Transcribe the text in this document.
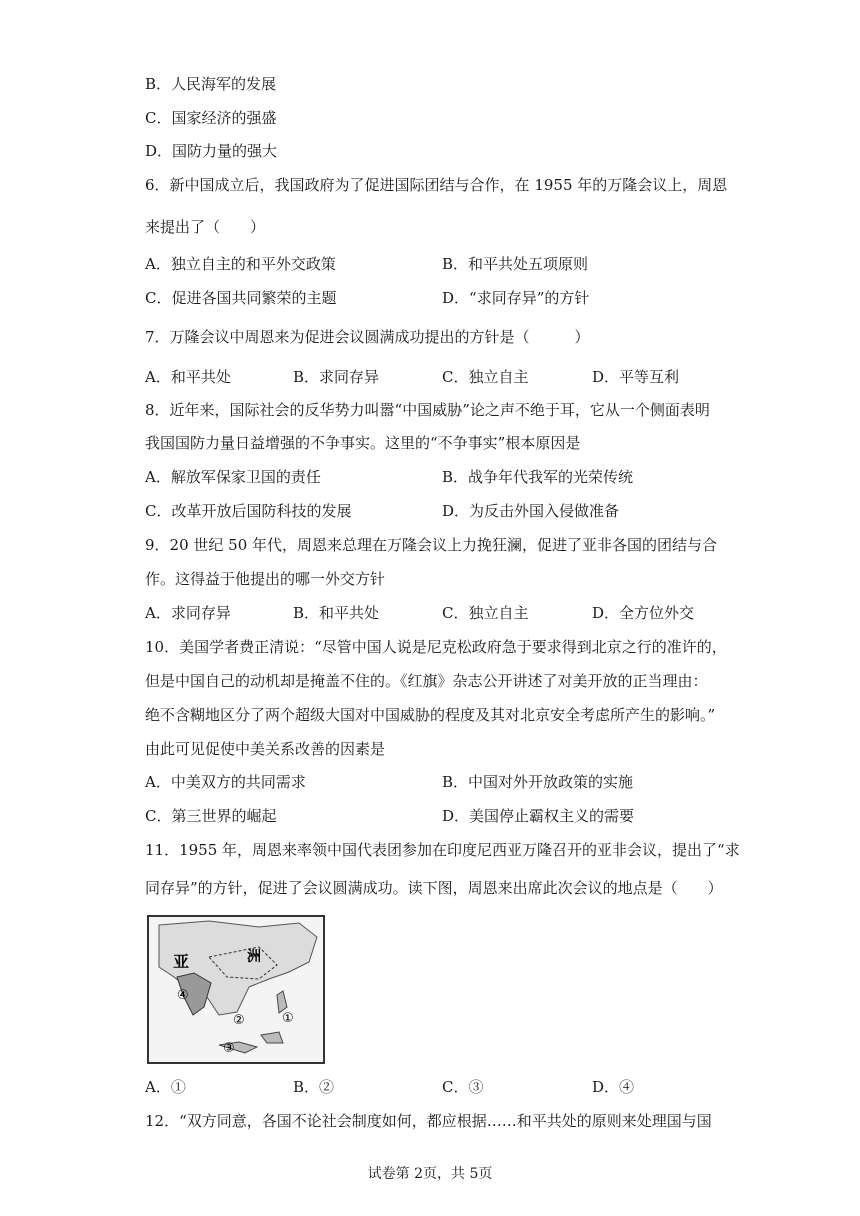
B．人民海军的发展
C．国家经济的强盛
D．国防力量的强大
6．新中国成立后，我国政府为了促进国际团结与合作，在 1955 年的万隆会议上，周恩
来提出了（　　）
A．独立自主的和平外交政策	B．和平共处五项原则
C．促进各国共同繁荣的主题	D．“求同存异”的方针
7．万隆会议中周恩来为促进会议圆满成功提出的方针是（　　　）
A．和平共处	B．求同存异	C．独立自主	D．平等互利
8．近年来，国际社会的反华势力叫嚣“中国威胁”论之声不绝于耳，它从一个侧面表明
我国国防力量日益增强的不争事实。这里的“不争事实”根本原因是
A．解放军保家卫国的责任	B．战争年代我军的光荣传统
C．改革开放后国防科技的发展	D．为反击外国入侵做准备
9．20 世纪 50 年代，周恩来总理在万隆会议上力挽狂澜，促进了亚非各国的团结与合
作。这得益于他提出的哪一外交方针
A．求同存异	B．和平共处	C．独立自主	D．全方位外交
10．美国学者费正清说：“尽管中国人说是尼克松政府急于要求得到北京之行的准许的，
但是中国自己的动机却是掩盖不住的。《红旗》杂志公开讲述了对美开放的正当理由：
绝不含糊地区分了两个超级大国对中国威胁的程度及其对北京安全考虑所产生的影响。”
由此可见促使中美关系改善的因素是
A．中美双方的共同需求	B．中国对外开放政策的实施
C．第三世界的崛起	D．美国停止霸权主义的需要
11．1955 年，周恩来率领中国代表团参加在印度尼西亚万隆召开的亚非会议，提出了“求
同存异”的方针，促进了会议圆满成功。读下图，周恩来出席此次会议的地点是（　　）
亚	洲
④
②	①
③
A．①	B．②	C．③	D．④
12．“双方同意，各国不论社会制度如何，都应根据……和平共处的原则来处理国与国
试卷第 2页，共 5页
